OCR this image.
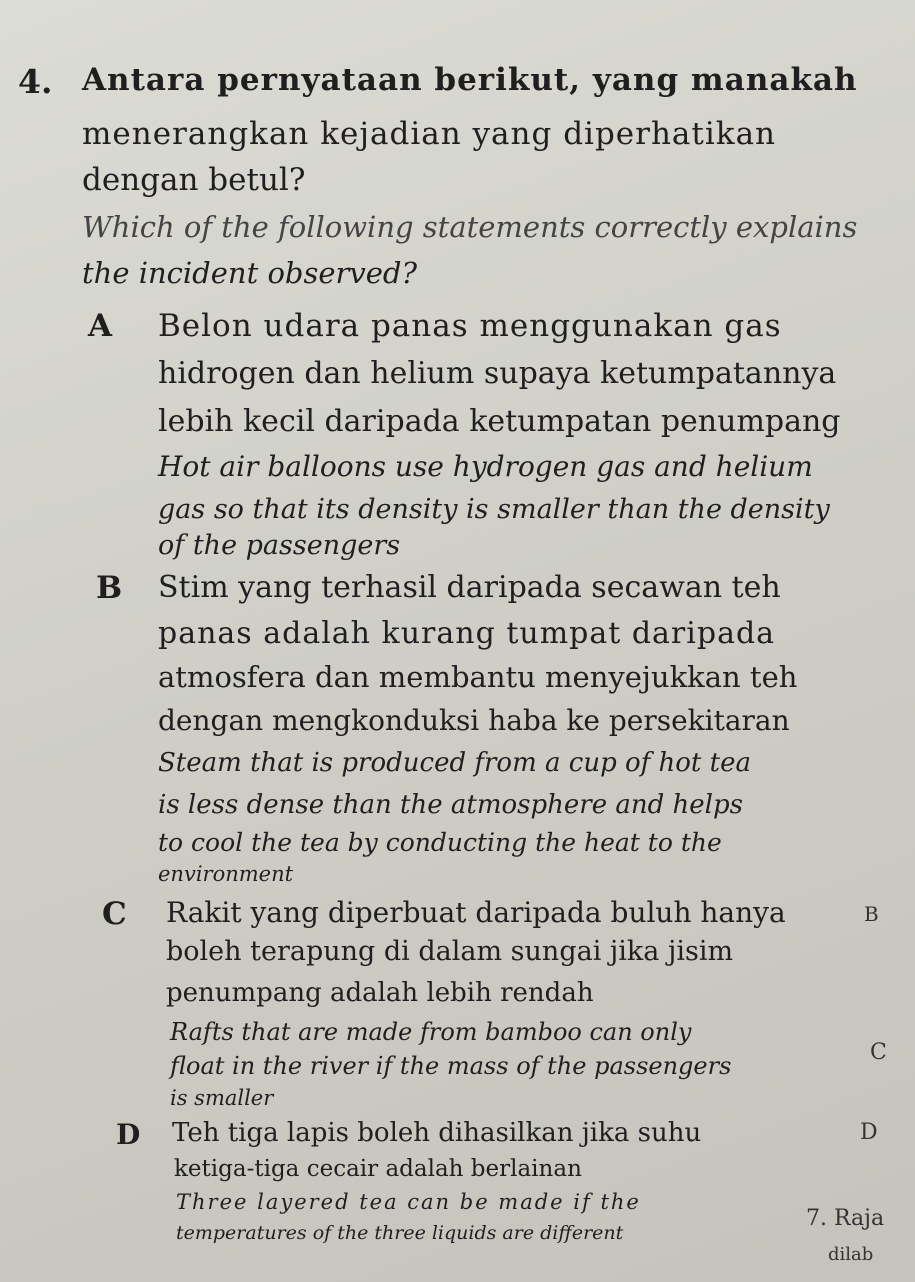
4. Antara pernyataan berikut, yang manakah
menerangkan kejadian yang diperhatikan
dengan betul?
Which of the following statements correctly explains
the incident observed?
A Belon udara panas menggunakan gas
hidrogen dan helium supaya ketumpatannya
lebih kecil daripada ketumpatan penumpang
Hot air balloons use hydrogen gas and helium
gas so that its density is smaller than the density
of the passengers
B Stim yang terhasil daripada secawan teh
panas adalah kurang tumpat daripada
atmosfera dan membantu menyejukkan teh
dengan mengkonduksi haba ke persekitaran
Steam that is produced from a cup of hot tea
is less dense than the atmosphere and helps
to cool the tea by conducting the heat to the
environment
C Rakit yang diperbuat daripada buluh hanya
boleh terapung di dalam sungai jika jisim
penumpang adalah lebih rendah
Rafts that are made from bamboo can only
float in the river if the mass of the passengers
is smaller
D Teh tiga lapis boleh dihasilkan jika suhu
ketiga-tiga cecair adalah berlainan
Three layered tea can be made if the
temperatures of the three liquids are different
B
C
D
7. Raja
dilab
